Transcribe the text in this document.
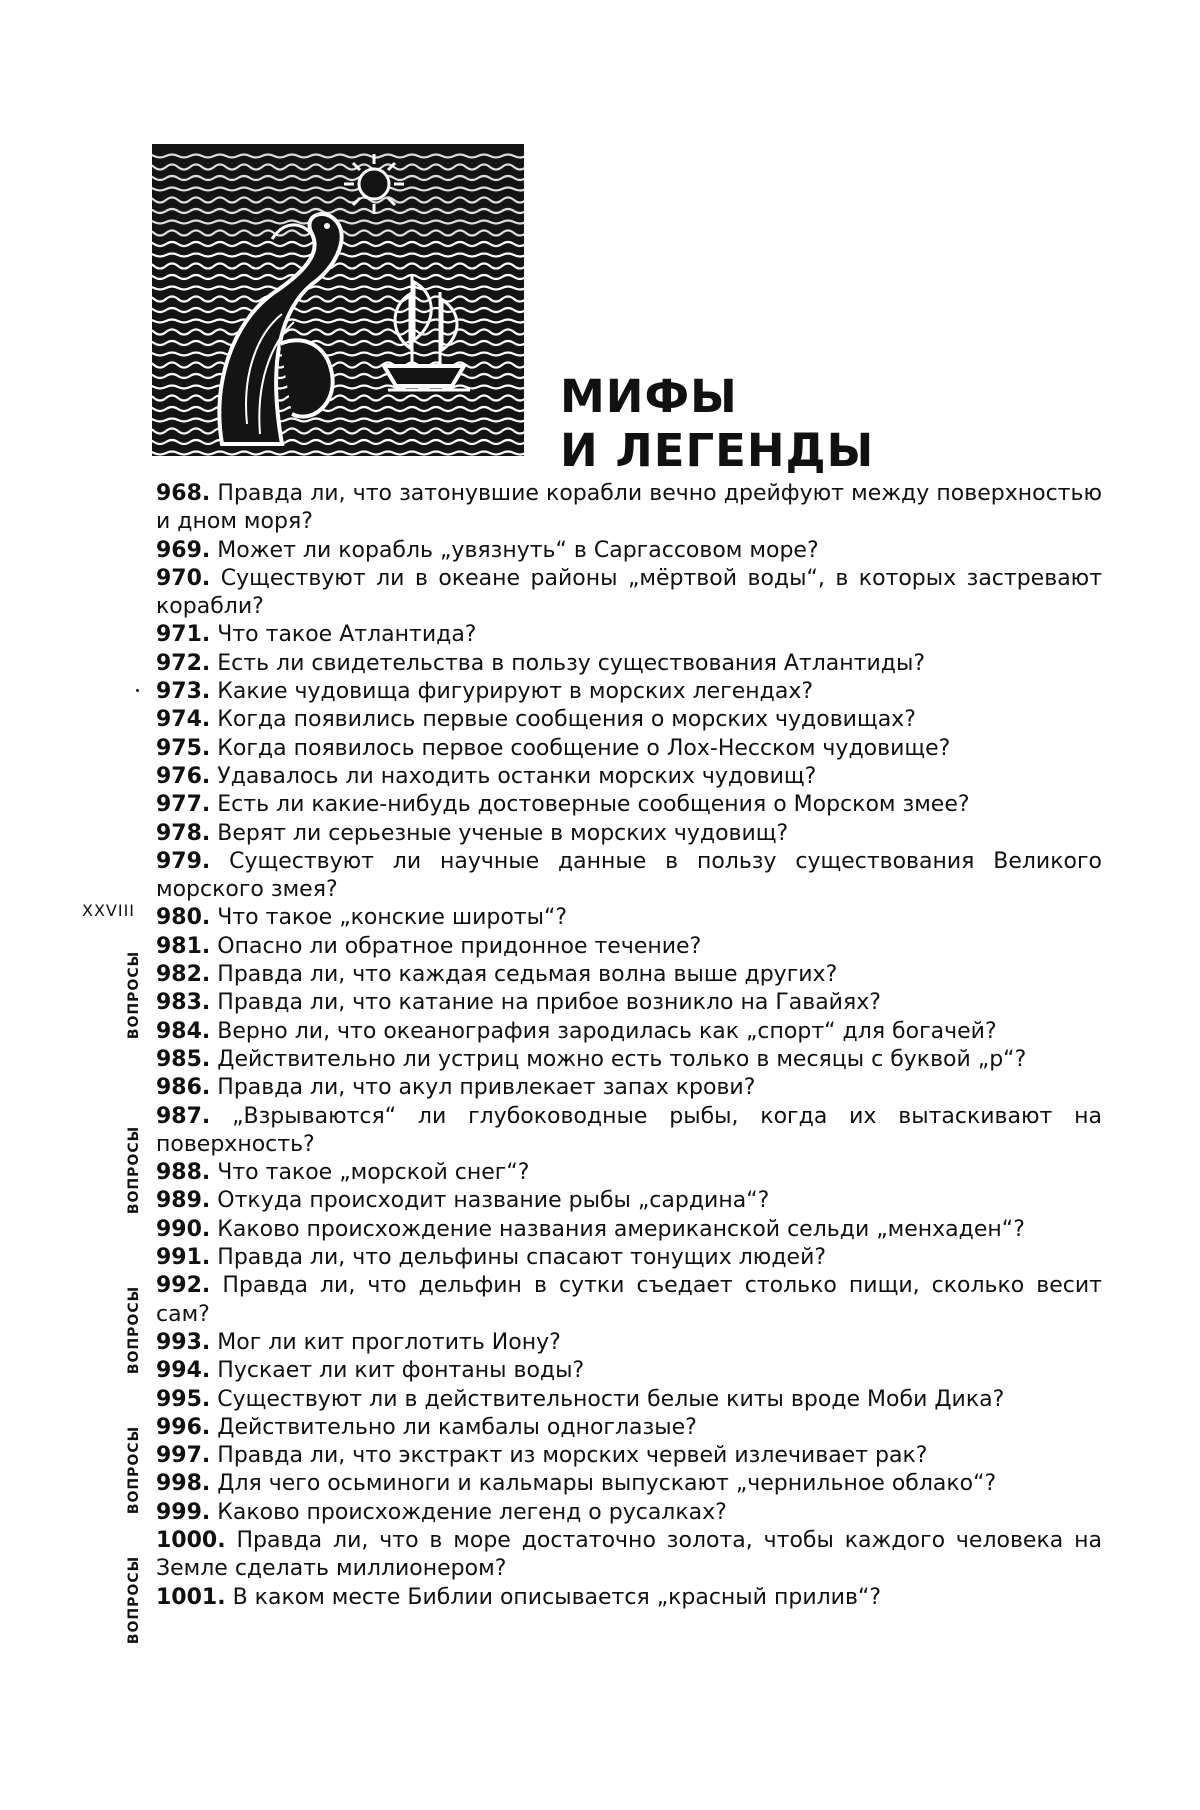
МИФЫ
И ЛЕГЕНДЫ

968. Правда ли, что затонувшие корабли вечно дрейфуют между поверхностью и дном моря?

969. Может ли корабль „увязнуть“ в Саргассовом море?

970. Существуют ли в океане районы „мёртвой воды“, в которых застревают корабли?

971. Что такое Атлантида?

972. Есть ли свидетельства в пользу существования Атлантиды?

973. Какие чудовища фигурируют в морских легендах?

974. Когда появились первые сообщения о морских чудовищах?

975. Когда появилось первое сообщение о Лох-Несском чудовище?

976. Удавалось ли находить останки морских чудовищ?

977. Есть ли какие-нибудь достоверные сообщения о Морском змее?

978. Верят ли серьезные ученые в морских чудовищ?

979. Существуют ли научные данные в пользу существования Великого морского змея?

980. Что такое „конские широты“?

981. Опасно ли обратное придонное течение?

982. Правда ли, что каждая седьмая волна выше других?

983. Правда ли, что катание на прибое возникло на Гавайях?

984. Верно ли, что океанография зародилась как „спорт“ для богачей?

985. Действительно ли устриц можно есть только в месяцы с буквой „р“?

986. Правда ли, что акул привлекает запах крови?

987. „Взрываются“ ли глубоководные рыбы, когда их вытаскивают на поверхность?

988. Что такое „морской снег“?

989. Откуда происходит название рыбы „сардина“?

990. Каково происхождение названия американской сельди „менхаден“?

991. Правда ли, что дельфины спасают тонущих людей?

992. Правда ли, что дельфин в сутки съедает столько пищи, сколько весит сам?

993. Мог ли кит проглотить Иону?

994. Пускает ли кит фонтаны воды?

995. Существуют ли в действительности белые киты вроде Моби Дика?

996. Действительно ли камбалы одноглазые?

997. Правда ли, что экстракт из морских червей излечивает рак?

998. Для чего осьминоги и кальмары выпускают „чернильное облако“?

999. Каково происхождение легенд о русалках?

1000. Правда ли, что в море достаточно золота, чтобы каждого человека на Земле сделать миллионером?

1001. В каком месте Библии описывается „красный прилив“?

XXVIII
ВОПРОСЫ
ВОПРОСЫ
ВОПРОСЫ
ВОПРОСЫ
ВОПРОСЫ
